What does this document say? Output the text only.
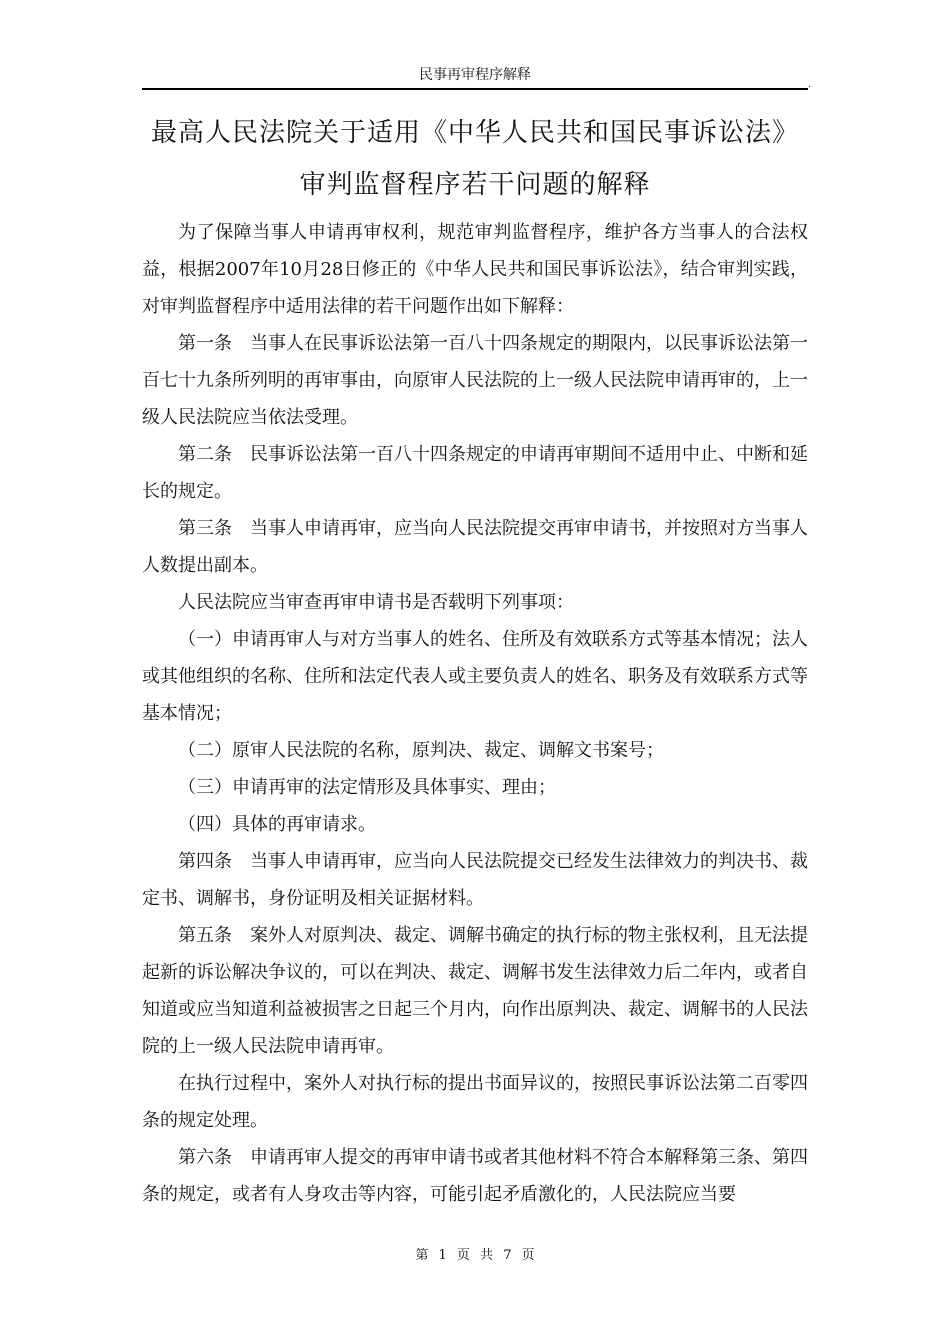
民事再审程序解释
.
最高人民法院关于适用《中华人民共和国民事诉讼法》
审判监督程序若干问题的解释

为了保障当事人申请再审权利，规范审判监督程序，维护各方当事人的合法权益，根据2007年10月28日修正的《中华人民共和国民事诉讼法》，结合审判实践，对审判监督程序中适用法律的若干问题作出如下解释：

第一条　当事人在民事诉讼法第一百八十四条规定的期限内，以民事诉讼法第一百七十九条所列明的再审事由，向原审人民法院的上一级人民法院申请再审的，上一级人民法院应当依法受理。

第二条　民事诉讼法第一百八十四条规定的申请再审期间不适用中止、中断和延长的规定。

第三条　当事人申请再审，应当向人民法院提交再审申请书，并按照对方当事人人数提出副本。

人民法院应当审查再审申请书是否载明下列事项：

（一）申请再审人与对方当事人的姓名、住所及有效联系方式等基本情况；法人或其他组织的名称、住所和法定代表人或主要负责人的姓名、职务及有效联系方式等基本情况；

（二）原审人民法院的名称，原判决、裁定、调解文书案号；

（三）申请再审的法定情形及具体事实、理由；

（四）具体的再审请求。

第四条　当事人申请再审，应当向人民法院提交已经发生法律效力的判决书、裁定书、调解书，身份证明及相关证据材料。

第五条　案外人对原判决、裁定、调解书确定的执行标的物主张权利，且无法提起新的诉讼解决争议的，可以在判决、裁定、调解书发生法律效力后二年内，或者自知道或应当知道利益被损害之日起三个月内，向作出原判决、裁定、调解书的人民法院的上一级人民法院申请再审。

在执行过程中，案外人对执行标的提出书面异议的，按照民事诉讼法第二百零四条的规定处理。

第六条　申请再审人提交的再审申请书或者其他材料不符合本解释第三条、第四条的规定，或者有人身攻击等内容，可能引起矛盾激化的，人民法院应当要

第 1 页 共 7 页
